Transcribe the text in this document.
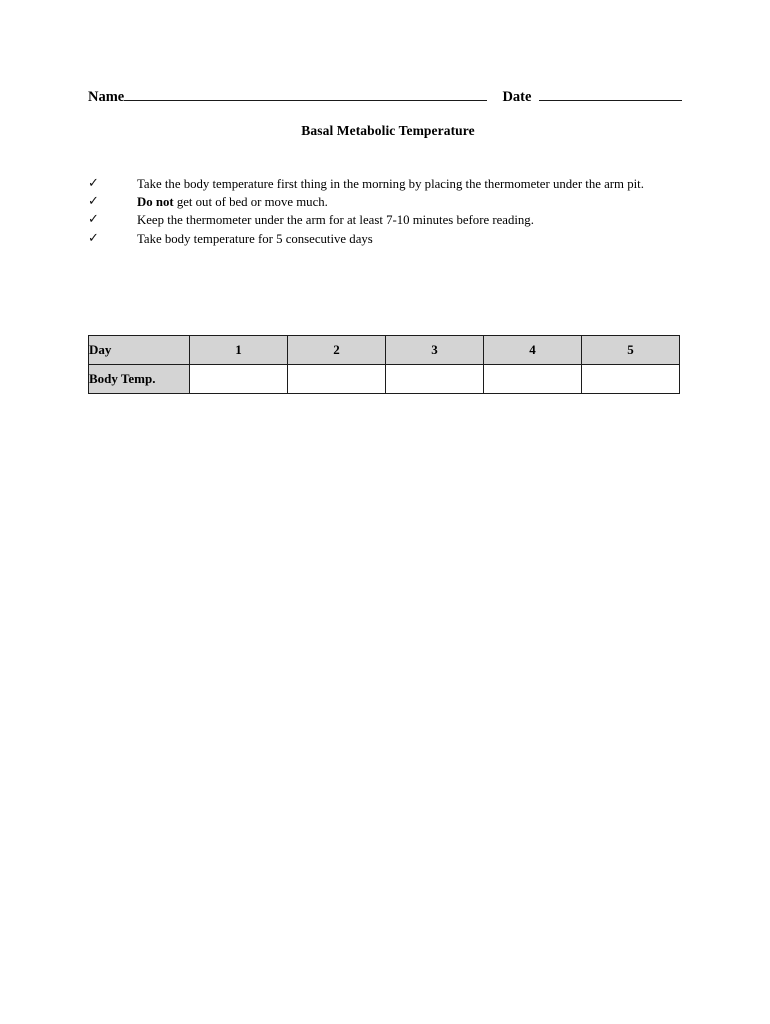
Name	Date
Basal Metabolic Temperature
✓	Take the body temperature first thing in the morning by placing the thermometer under the arm pit.
✓	Do not get out of bed or move much.
✓	Keep the thermometer under the arm for at least 7-10 minutes before reading.
✓	Take body temperature for 5 consecutive days
Day	1	2	3	4	5
Body Temp.					
